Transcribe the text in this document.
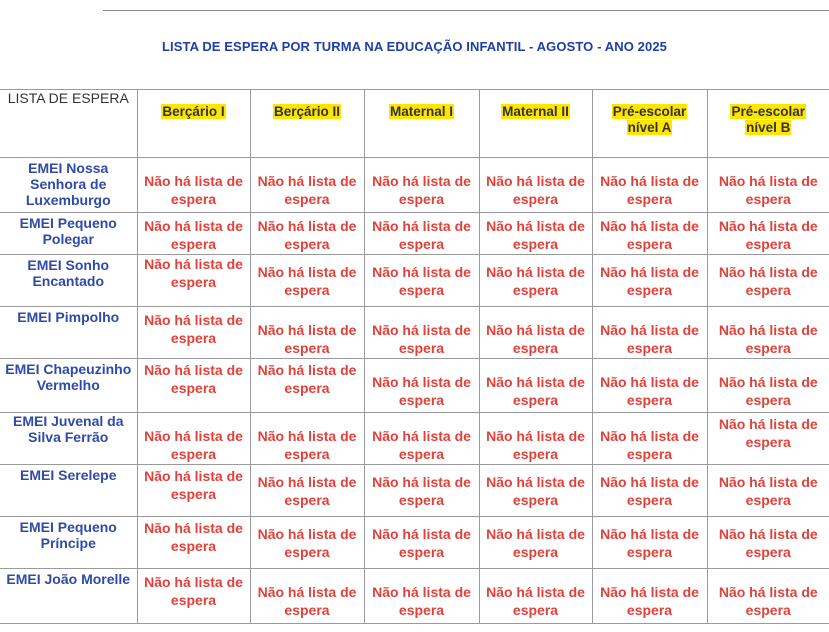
LISTA DE ESPERA POR TURMA NA EDUCAÇÃO INFANTIL - AGOSTO - ANO 2025
LISTA DE ESPERA	Berçário I	Berçário II	Maternal I	Maternal II	Pré-escolar nível A	Pré-escolar nível B
EMEI Nossa Senhora de Luxemburgo	Não há lista de espera	Não há lista de espera	Não há lista de espera	Não há lista de espera	Não há lista de espera	Não há lista de espera

EMEI Pequeno Polegar	Não há lista de espera	Não há lista de espera	Não há lista de espera	Não há lista de espera	Não há lista de espera	Não há lista de espera

EMEI Sonho Encantado	Não há lista de espera	Não há lista de espera	Não há lista de espera	Não há lista de espera	Não há lista de espera	Não há lista de espera

EMEI Pimpolho	Não há lista de espera	Não há lista de espera	Não há lista de espera	Não há lista de espera	Não há lista de espera	Não há lista de espera

EMEI Chapeuzinho Vermelho	Não há lista de espera	Não há lista de espera	Não há lista de espera	Não há lista de espera	Não há lista de espera	Não há lista de espera

EMEI Juvenal da Silva Ferrão	Não há lista de espera	Não há lista de espera	Não há lista de espera	Não há lista de espera	Não há lista de espera	Não há lista de espera

EMEI Serelepe	Não há lista de espera	Não há lista de espera	Não há lista de espera	Não há lista de espera	Não há lista de espera	Não há lista de espera

EMEI Pequeno Príncipe	Não há lista de espera	Não há lista de espera	Não há lista de espera	Não há lista de espera	Não há lista de espera	Não há lista de espera

EMEI João Morelle	Não há lista de espera	Não há lista de espera	Não há lista de espera	Não há lista de espera	Não há lista de espera	Não há lista de espera
